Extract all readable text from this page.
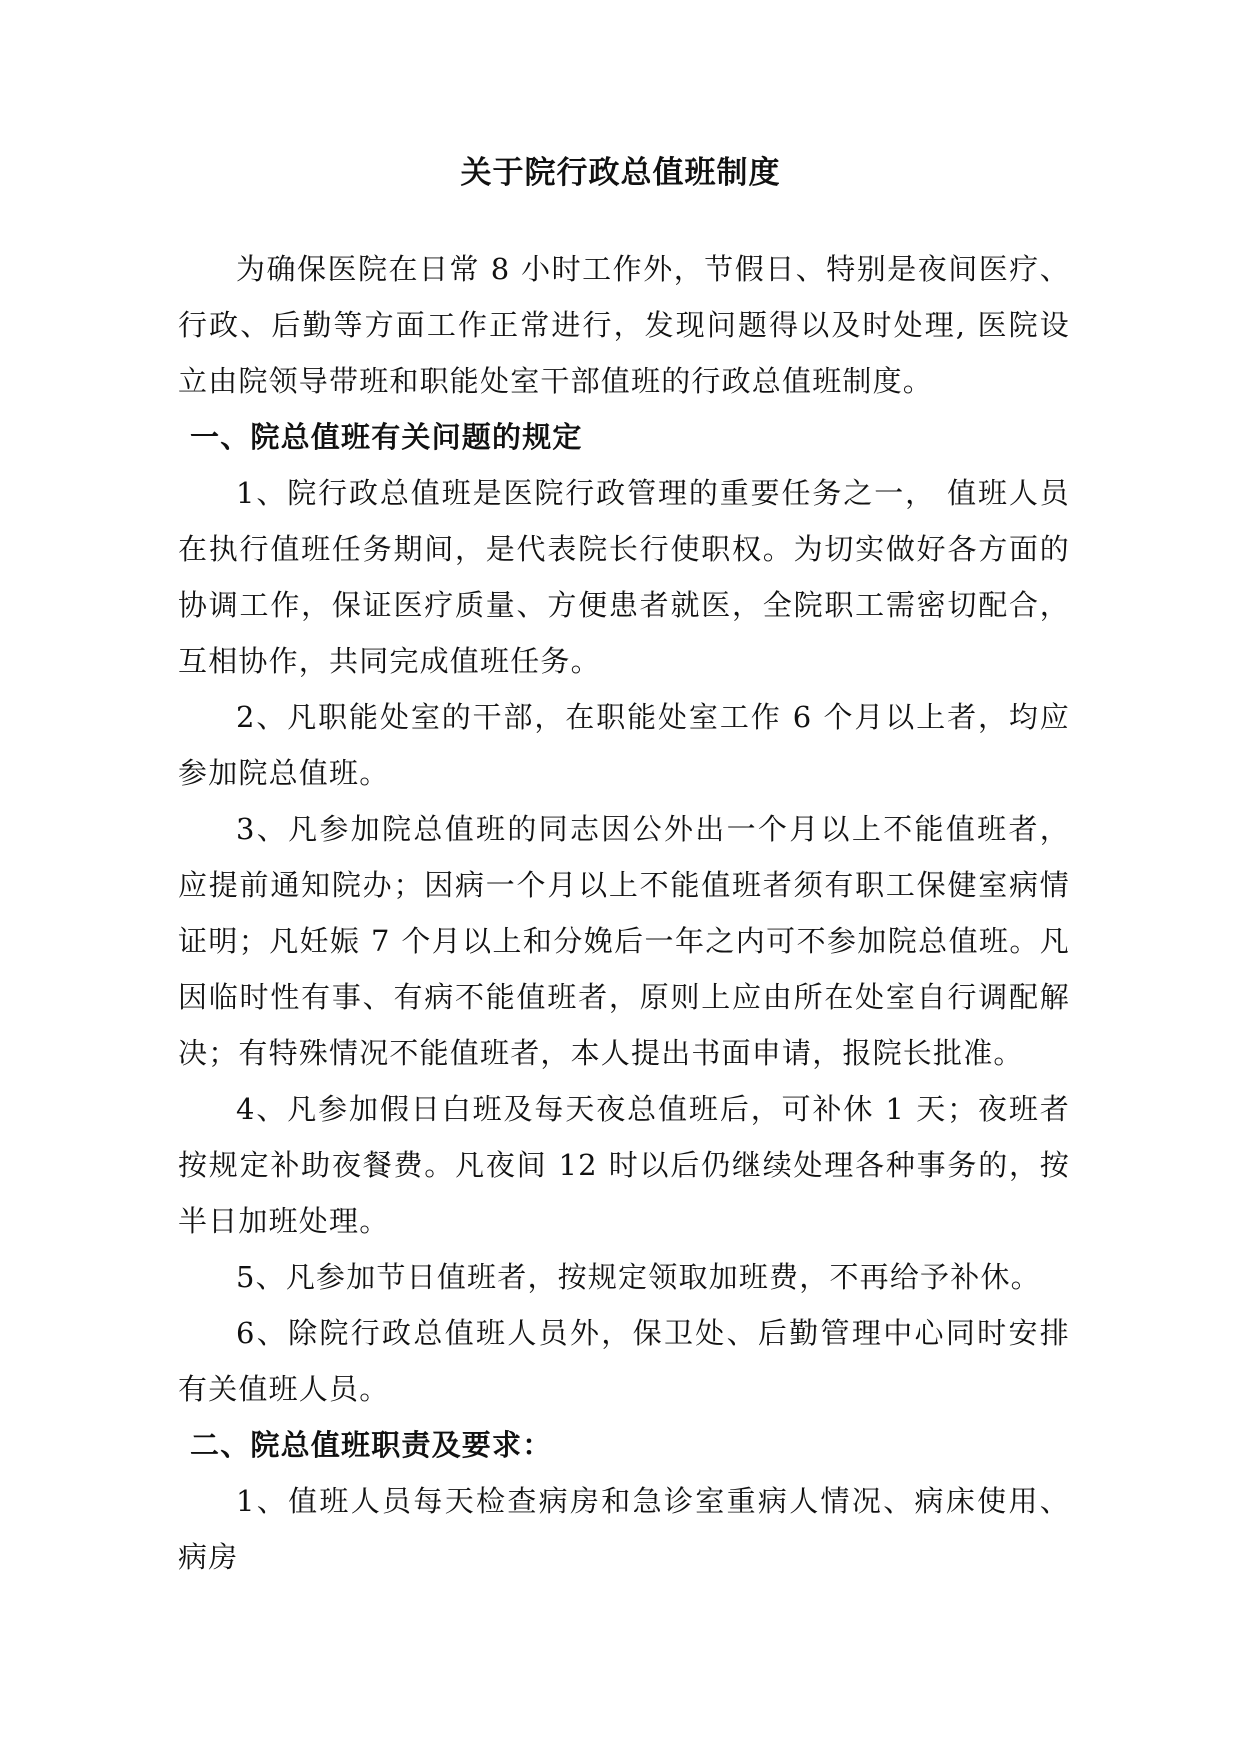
关于院行政总值班制度

为确保医院在日常 8 小时工作外，节假日、特别是夜间医疗、行政、后勤等方面工作正常进行，发现问题得以及时处理, 医院设立由院领导带班和职能处室干部值班的行政总值班制度。

一、院总值班有关问题的规定

1、院行政总值班是医院行政管理的重要任务之一， 值班人员在执行值班任务期间，是代表院长行使职权。为切实做好各方面的协调工作，保证医疗质量、方便患者就医，全院职工需密切配合，互相协作，共同完成值班任务。

2、凡职能处室的干部，在职能处室工作 6 个月以上者，均应参加院总值班。

3、凡参加院总值班的同志因公外出一个月以上不能值班者，应提前通知院办；因病一个月以上不能值班者须有职工保健室病情证明；凡妊娠 7 个月以上和分娩后一年之内可不参加院总值班。凡因临时性有事、有病不能值班者，原则上应由所在处室自行调配解决；有特殊情况不能值班者，本人提出书面申请，报院长批准。

4、凡参加假日白班及每天夜总值班后，可补休 1 天；夜班者按规定补助夜餐费。凡夜间 12 时以后仍继续处理各种事务的，按半日加班处理。

5、凡参加节日值班者，按规定领取加班费，不再给予补休。

6、除院行政总值班人员外，保卫处、后勤管理中心同时安排有关值班人员。

二、院总值班职责及要求：

1、值班人员每天检查病房和急诊室重病人情况、病床使用、病房
